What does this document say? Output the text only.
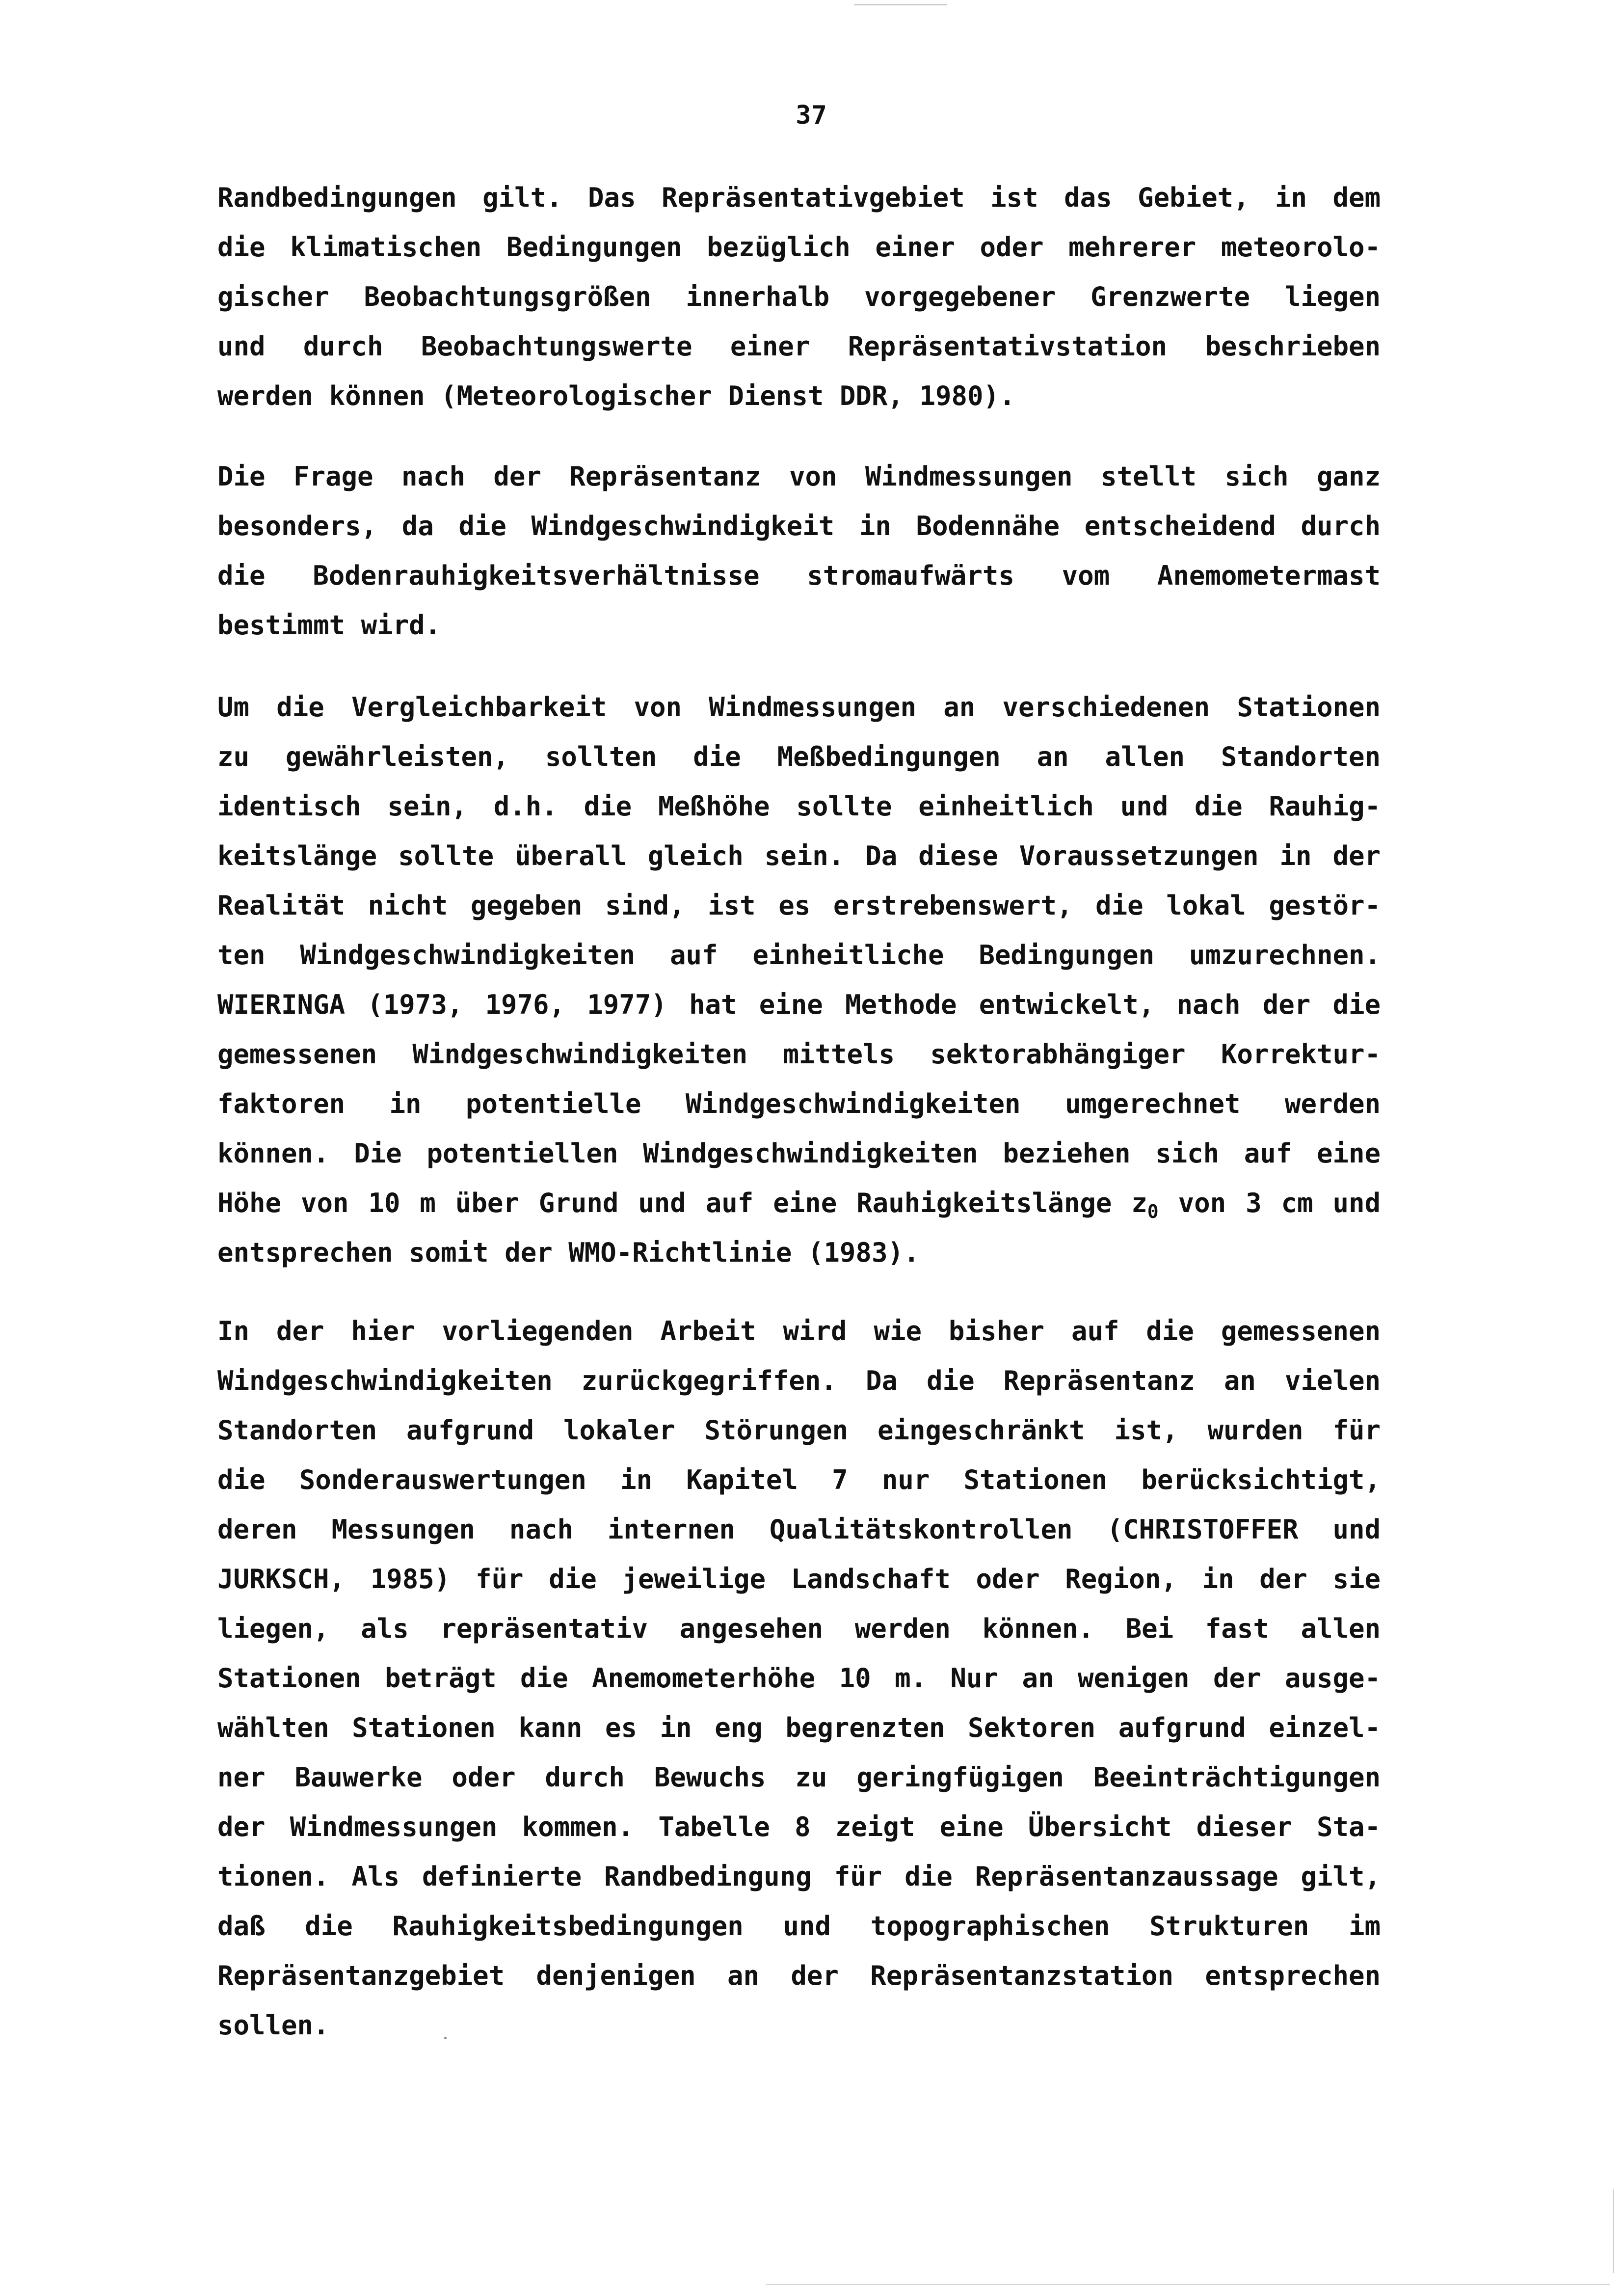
37
Randbedingungen gilt. Das Repräsentativgebiet ist das Gebiet, in dem
die klimatischen Bedingungen bezüglich einer oder mehrerer meteorolo-
gischer Beobachtungsgrößen innerhalb vorgegebener Grenzwerte liegen
und durch Beobachtungswerte einer Repräsentativstation beschrieben
werden können (Meteorologischer Dienst DDR, 1980).
Die Frage nach der Repräsentanz von Windmessungen stellt sich ganz
besonders, da die Windgeschwindigkeit in Bodennähe entscheidend durch
die Bodenrauhigkeitsverhältnisse stromaufwärts vom Anemometermast
bestimmt wird.
Um die Vergleichbarkeit von Windmessungen an verschiedenen Stationen
zu gewährleisten, sollten die Meßbedingungen an allen Standorten
identisch sein, d.h. die Meßhöhe sollte einheitlich und die Rauhig-
keitslänge sollte überall gleich sein. Da diese Voraussetzungen in der
Realität nicht gegeben sind, ist es erstrebenswert, die lokal gestör-
ten Windgeschwindigkeiten auf einheitliche Bedingungen umzurechnen.
WIERINGA (1973, 1976, 1977) hat eine Methode entwickelt, nach der die
gemessenen Windgeschwindigkeiten mittels sektorabhängiger Korrektur-
faktoren in potentielle Windgeschwindigkeiten umgerechnet werden
können. Die potentiellen Windgeschwindigkeiten beziehen sich auf eine
Höhe von 10 m über Grund und auf eine Rauhigkeitslänge $z_0$ von 3 cm und
entsprechen somit der WMO-Richtlinie (1983).
In der hier vorliegenden Arbeit wird wie bisher auf die gemessenen
Windgeschwindigkeiten zurückgegriffen. Da die Repräsentanz an vielen
Standorten aufgrund lokaler Störungen eingeschränkt ist, wurden für
die Sonderauswertungen in Kapitel 7 nur Stationen berücksichtigt,
deren Messungen nach internen Qualitätskontrollen (CHRISTOFFER und
JURKSCH, 1985) für die jeweilige Landschaft oder Region, in der sie
liegen, als repräsentativ angesehen werden können. Bei fast allen
Stationen beträgt die Anemometerhöhe 10 m. Nur an wenigen der ausge-
wählten Stationen kann es in eng begrenzten Sektoren aufgrund einzel-
ner Bauwerke oder durch Bewuchs zu geringfügigen Beeinträchtigungen
der Windmessungen kommen. Tabelle 8 zeigt eine Übersicht dieser Sta-
tionen. Als definierte Randbedingung für die Repräsentanzaussage gilt,
daß die Rauhigkeitsbedingungen und topographischen Strukturen im
Repräsentanzgebiet denjenigen an der Repräsentanzstation entsprechen
sollen.
